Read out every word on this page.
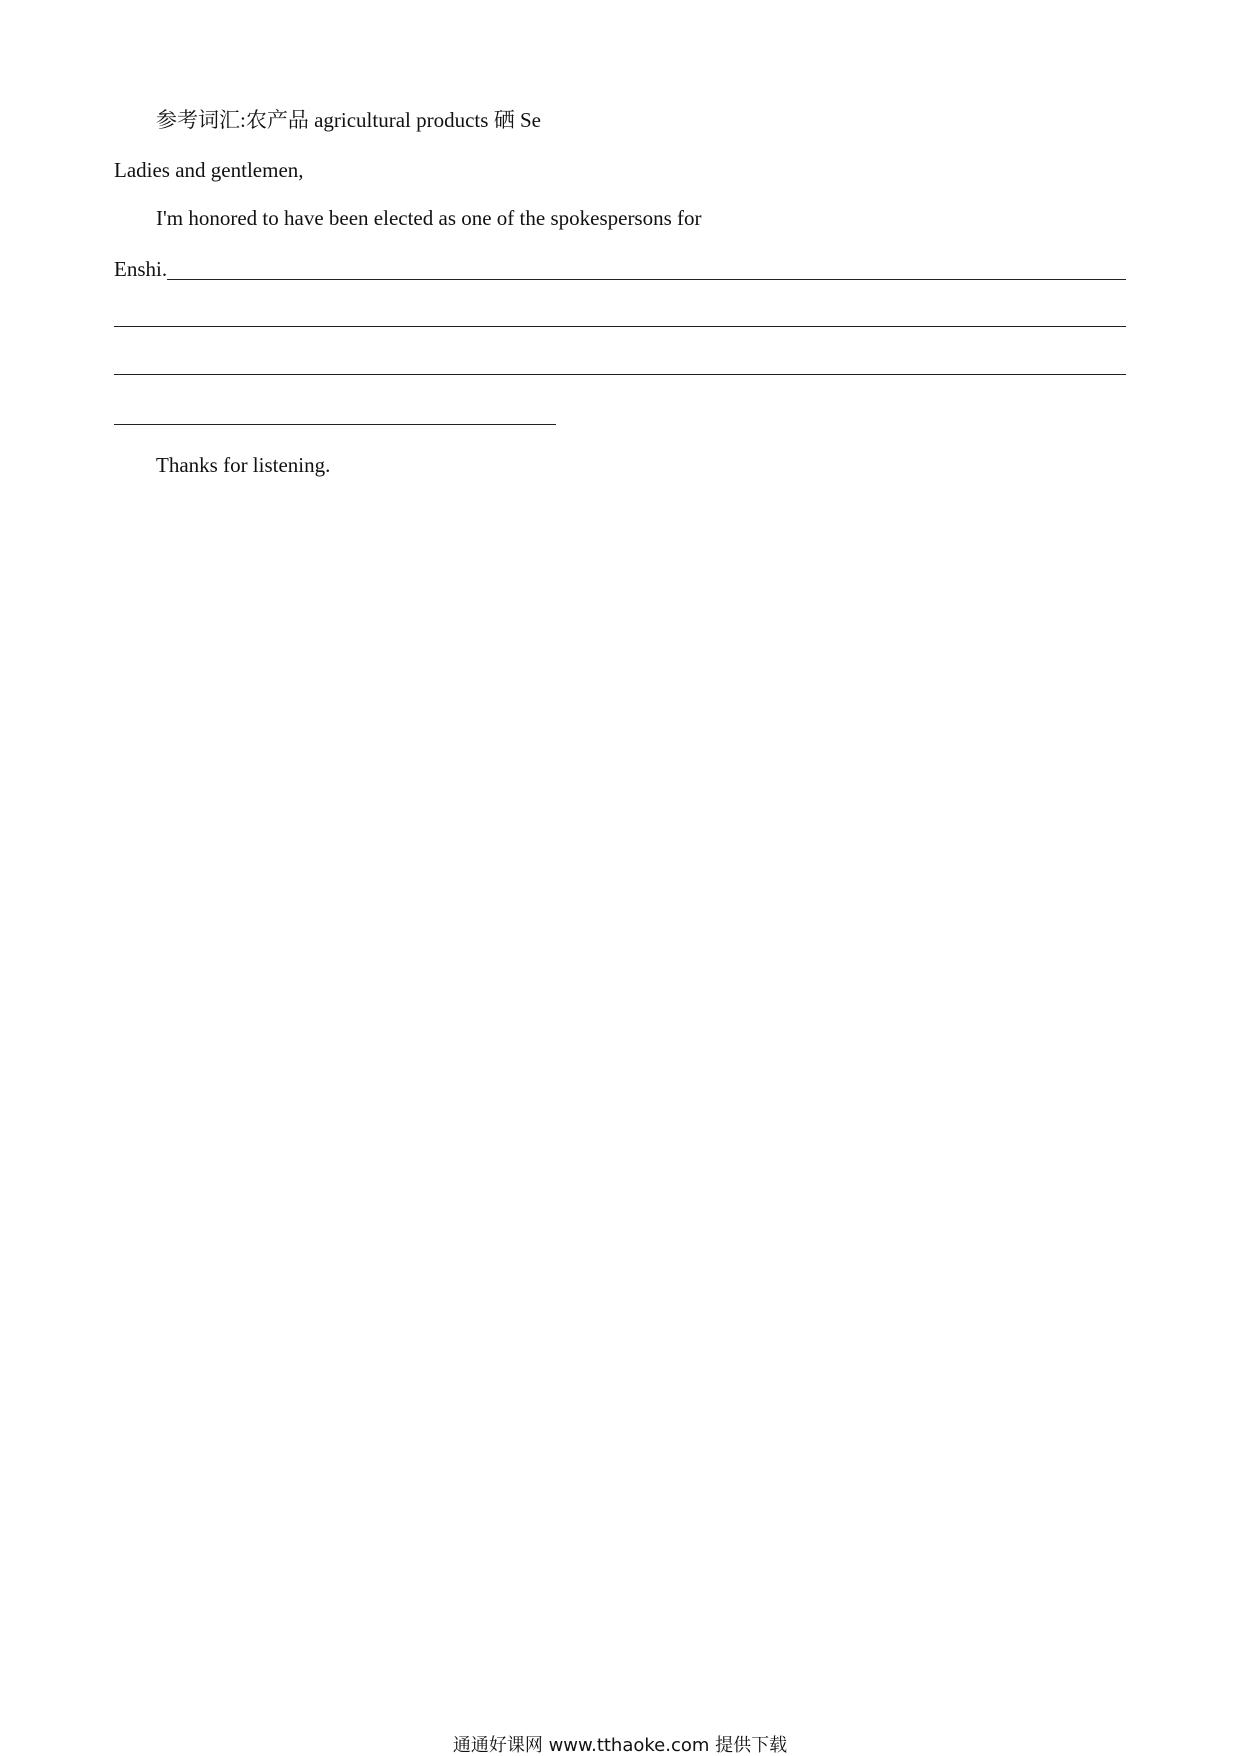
参考词汇:农产品 agricultural products 硒 Se
Ladies and gentlemen,
I'm honored to have been elected as one of the spokespersons for
Enshi.
Thanks for listening.
通通好课网 www.tthaoke.com 提供下载
